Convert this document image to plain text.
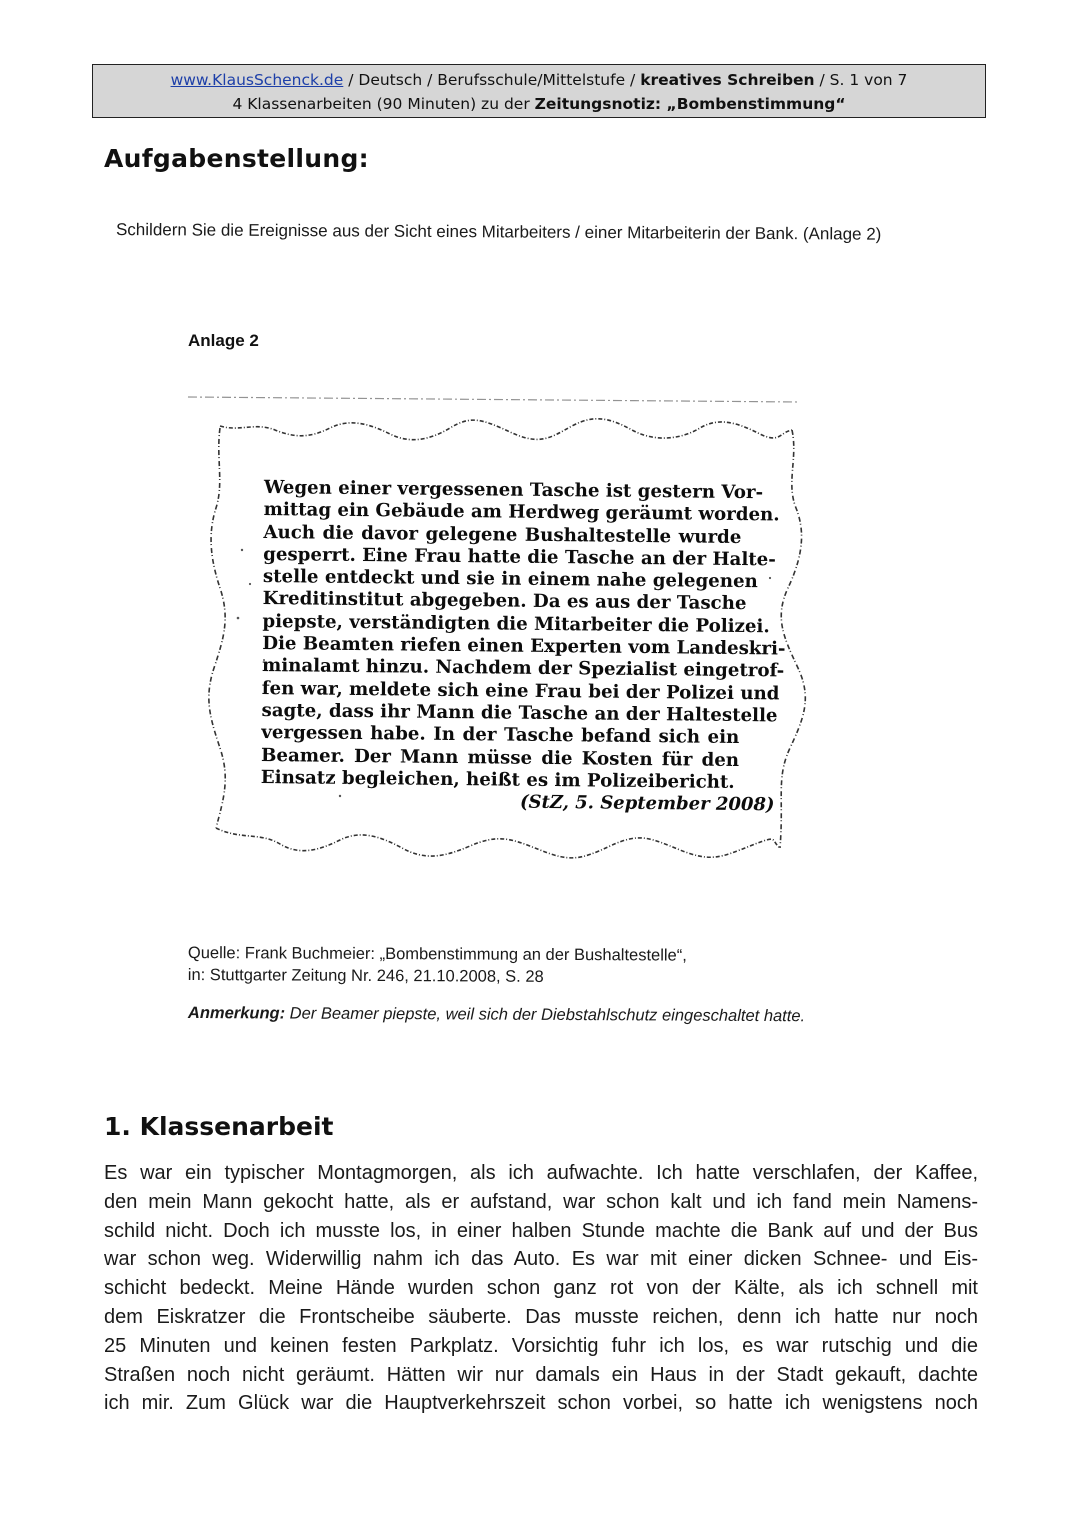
www.KlausSchenck.de / Deutsch / Berufsschule/Mittelstufe / kreatives Schreiben / S. 1 von 7
4 Klassenarbeiten (90 Minuten) zu der Zeitungsnotiz: „Bombenstimmung“
Aufgabenstellung:
Schildern Sie die Ereignisse aus der Sicht eines Mitarbeiters / einer Mitarbeiterin der Bank. (Anlage 2)
Anlage 2
Wegen einer vergessenen Tasche ist gestern Vor-
mittag ein Gebäude am Herdweg geräumt worden.
Auch die davor gelegene Bushaltestelle wurde
gesperrt. Eine Frau hatte die Tasche an der Halte-
stelle entdeckt und sie in einem nahe gelegenen
Kreditinstitut abgegeben. Da es aus der Tasche
piepste, verständigten die Mitarbeiter die Polizei.
Die Beamten riefen einen Experten vom Landeskri-
minalamt hinzu. Nachdem der Spezialist eingetrof-
fen war, meldete sich eine Frau bei der Polizei und
sagte, dass ihr Mann die Tasche an der Haltestelle
vergessen habe. In der Tasche befand sich ein
Beamer. Der Mann müsse die Kosten für den
Einsatz begleichen, heißt es im Polizeibericht.
(StZ, 5. September 2008)
Quelle: Frank Buchmeier: „Bombenstimmung an der Bushaltestelle“,
in: Stuttgarter Zeitung Nr. 246, 21.10.2008, S. 28
Anmerkung: Der Beamer piepste, weil sich der Diebstahlschutz eingeschaltet hatte.
1. Klassenarbeit
Es war ein typischer Montagmorgen, als ich aufwachte. Ich hatte verschlafen, der Kaffee,
den mein Mann gekocht hatte, als er aufstand, war schon kalt und ich fand mein Namens-
schild nicht. Doch ich musste los, in einer halben Stunde machte die Bank auf und der Bus
war schon weg. Widerwillig nahm ich das Auto. Es war mit einer dicken Schnee- und Eis-
schicht bedeckt. Meine Hände wurden schon ganz rot von der Kälte, als ich schnell mit
dem Eiskratzer die Frontscheibe säuberte. Das musste reichen, denn ich hatte nur noch
25 Minuten und keinen festen Parkplatz. Vorsichtig fuhr ich los, es war rutschig und die
Straßen noch nicht geräumt. Hätten wir nur damals ein Haus in der Stadt gekauft, dachte
ich mir. Zum Glück war die Hauptverkehrszeit schon vorbei, so hatte ich wenigstens noch
